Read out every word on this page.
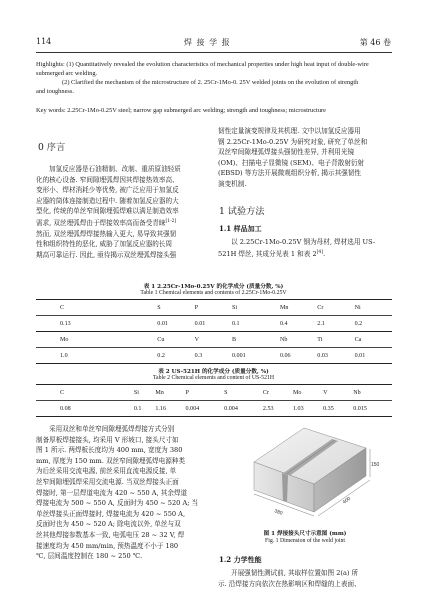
114	焊 接 学 报	第 46 卷
Highlights: (1) Quantitatively revealed the evolution characteristics of mechanical properties under high heat input of double-wire
submerged arc welding.
(2) Clarified the mechanism of the microstructure of 2. 25Cr-1Mo-0. 25V welded joints on the evolution of strength
and toughness.
Key words: 2.25Cr-1Mo-0.25V steel; narrow gap submerged arc welding; strength and toughness; microstructure
0 序言
加氢反应器是石油精制、改制、重质原油轻质
化的核心设备. 窄间隙埋弧焊因其焊接热效率高、
变形小、焊材消耗少等优势, 被广泛应用于加氢反
应器的筒体连接制造过程中. 随着加氢反应器的大
型化, 传统的单丝窄间隙埋弧焊难以满足制造效率
需求, 双丝埋弧焊由于焊接效率高而备受青睐[1-2]
然而, 双丝埋弧焊焊接热输入更大, 易导致其强韧
性和组织特性的恶化, 威胁了加氢反应器的长周
期高可靠运行. 因此, 亟待揭示双丝埋弧焊接头强
韧性定量演变规律及其机理. 文中以加氢反应器用
钢 2.25Cr-1Mo-0.25V 为研究对象, 研究了单丝和
双丝窄间隙埋弧焊接头强韧性差异, 并利用光镜
(OM)、扫描电子显微镜 (SEM)、电子背散射衍射
(EBSD) 等方法开展微观组织分析, 揭示其强韧性
演变机制.
1 试验方法
1.1 样品加工
以 2.25Cr-1Mo-0.25V 钢为母材, 焊材选用 US-
521H 焊丝, 其成分见表 1 和表 2[4].
表 1 2.25Cr-1Mo-0.25V 的化学成分 (质量分数, %)
Table 1 Chemical elements and contents of 2.25Cr-1Mo-0.25V
C	S	P	Si	Mn	Cr	Ni
0.13	0.01	0.01	0.1	0.4	2.1	0.2
Mo	Cu	V	B	Nb	Ti	Ca
1.0	0.2	0.3	0.001	0.06	0.03	0.01
表 2 US-521H 的化学成分 (质量分数, %)
Table 2 Chemical elements and content of US-521H
C	Si	Mn	P	S	Cr	Mo	V	Nb
0.08	0.1	1.16	0.004	0.004	2.53	1.03	0.35	0.015
采用双丝和单丝窄间隙埋弧焊焊接方式分别
制备厚板焊接接头, 均采用 V 形坡口, 接头尺寸如
图 1 所示. 两焊板长度均为 400 mm, 宽度为 380
mm, 厚度为 150 mm. 双丝窄间隙埋弧焊电源种类
为后丝采用交流电源, 前丝采用直流电源反接, 单
丝窄间隙埋弧焊采用交流电源. 当双丝焊接头正面
焊接时, 第一层焊道电流为 420 ~ 550 A, 其余焊道
焊接电流为 500 ~ 550 A, 反面时为 450 ~ 520 A; 当
单丝焊接头正面焊接时, 焊接电流为 420 ~ 550 A,
反面时也为 450 ~ 520 A; 除电流以外, 单丝与双
丝其他焊接参数基本一致, 电弧电压 28 ~ 32 V, 焊
接速度均为 450 mm/min, 预热温度不小于 180
℃, 层间温度控制在 180 ~ 250 ℃.
150
380
400
图 1 焊接接头尺寸示意图 (mm)
Fig. 1 Dimension of the weld joint
1.2 力学性能
开展强韧性测试前, 其取样位置如图 2(a) 所
示. 沿焊接方向依次在热影响区和焊缝的上表面、
